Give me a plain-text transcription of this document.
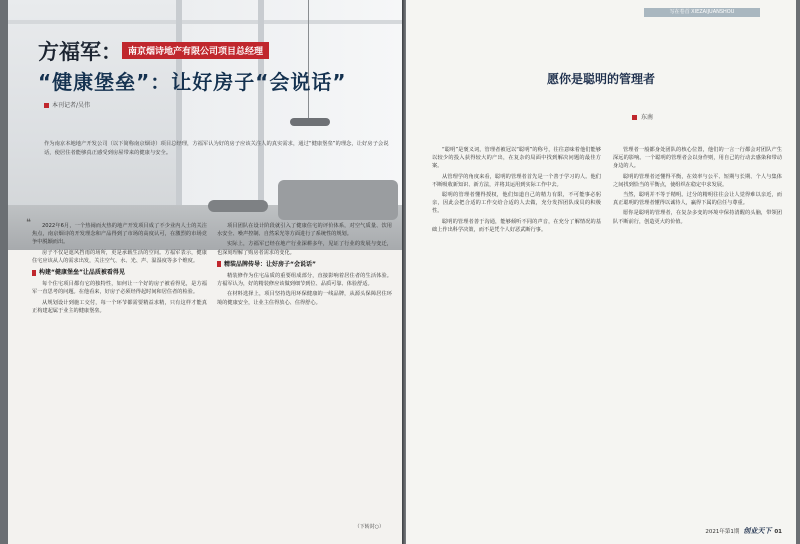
方福军： 南京烟诗地产有限公司项目总经理
“健康堡垒”：让好房子“会说话”
本刊记者/吴伟
作为南京本地地产开发公司（以下简称南京烟诗）项目总经理，方福军认为好的房子应该关注人的真实需求，通过“健康堡垒”的理念，让好房子会说话，使居住者能够真正感受到房屋带来的健康与安全。
❝	2022年6月，一个热闹而火热的地产开发项目成了不少业内人士的关注焦点，南京烟诗的开发理念和产品得到了市场的高度认可，在激烈的市场竞争中脱颖而出。

房子不仅是遮风挡雨的场所，更是承载生活的空间。方福军表示，健康住宅应该从人的需求出发，关注空气、水、光、声、温湿度等多个维度。

构建“健康堡垒”让品质被看得见

每个住宅项目都有它的独特性，如何让一个好的房子被看得见，是方福军一直思考的问题。在他看来，好房子必须经得起时间和居住者的检验。

从规划设计到施工交付，每一个环节都需要精益求精，只有这样才能真正构建起属于业主的健康堡垒。

项目团队在设计阶段就引入了健康住宅的评价体系，对空气质量、饮用水安全、噪声控制、自然采光等方面进行了系统性的规划。

实际上，方福军已经在地产行业深耕多年，见证了行业的发展与变迁，也深刻理解了购房者需求的变化。

精装品牌传导：让好房子“会说话”

精装修作为住宅品质的重要组成部分，直接影响着居住者的生活体验。方福军认为，好的精装修应该做到细节到位、品质可靠、体验舒适。

在材料选择上，项目坚持选用环保健康的一线品牌，从源头保障居住环境的健康安全，让业主住得放心、住得舒心。

（下转封○）
写在卷首 XIEZAIJUANSHOU
愿你是聪明的管理者
东南

“聪明”是褒义词，管理者被冠以“聪明”的称号，往往意味着他们能够以较少的投入获得较大的产出，在复杂的局面中找到解决问题的最佳方案。

从管理学的角度来看，聪明的管理者首先是一个善于学习的人。他们不断吸收新知识、新方法，并将其运用到实际工作中去。

聪明的管理者懂得授权，他们知道自己的精力有限，不可能事必躬亲，因此会把合适的工作交给合适的人去做，充分发挥团队成员的积极性。

聪明的管理者善于沟通，能够倾听不同的声音，在充分了解情况的基础上作出科学决策，而不是凭个人好恶武断行事。

管理者一般都身处团队的核心位置，他们的一言一行都会对团队产生深远的影响。一个聪明的管理者会以身作则，用自己的行动去感染和带动身边的人。

聪明的管理者还懂得平衡，在效率与公平、短期与长期、个人与集体之间找到恰当的平衡点，使组织在稳定中求发展。

当然，聪明并不等于精明。过分的精明往往会让人觉得难以亲近，而真正聪明的管理者懂得以诚待人，赢得下属的信任与尊重。

愿你是聪明的管理者，在复杂多变的环境中保持清醒的头脑，带领团队不断前行，创造更大的价值。

2021年第1期 创业天下 01
